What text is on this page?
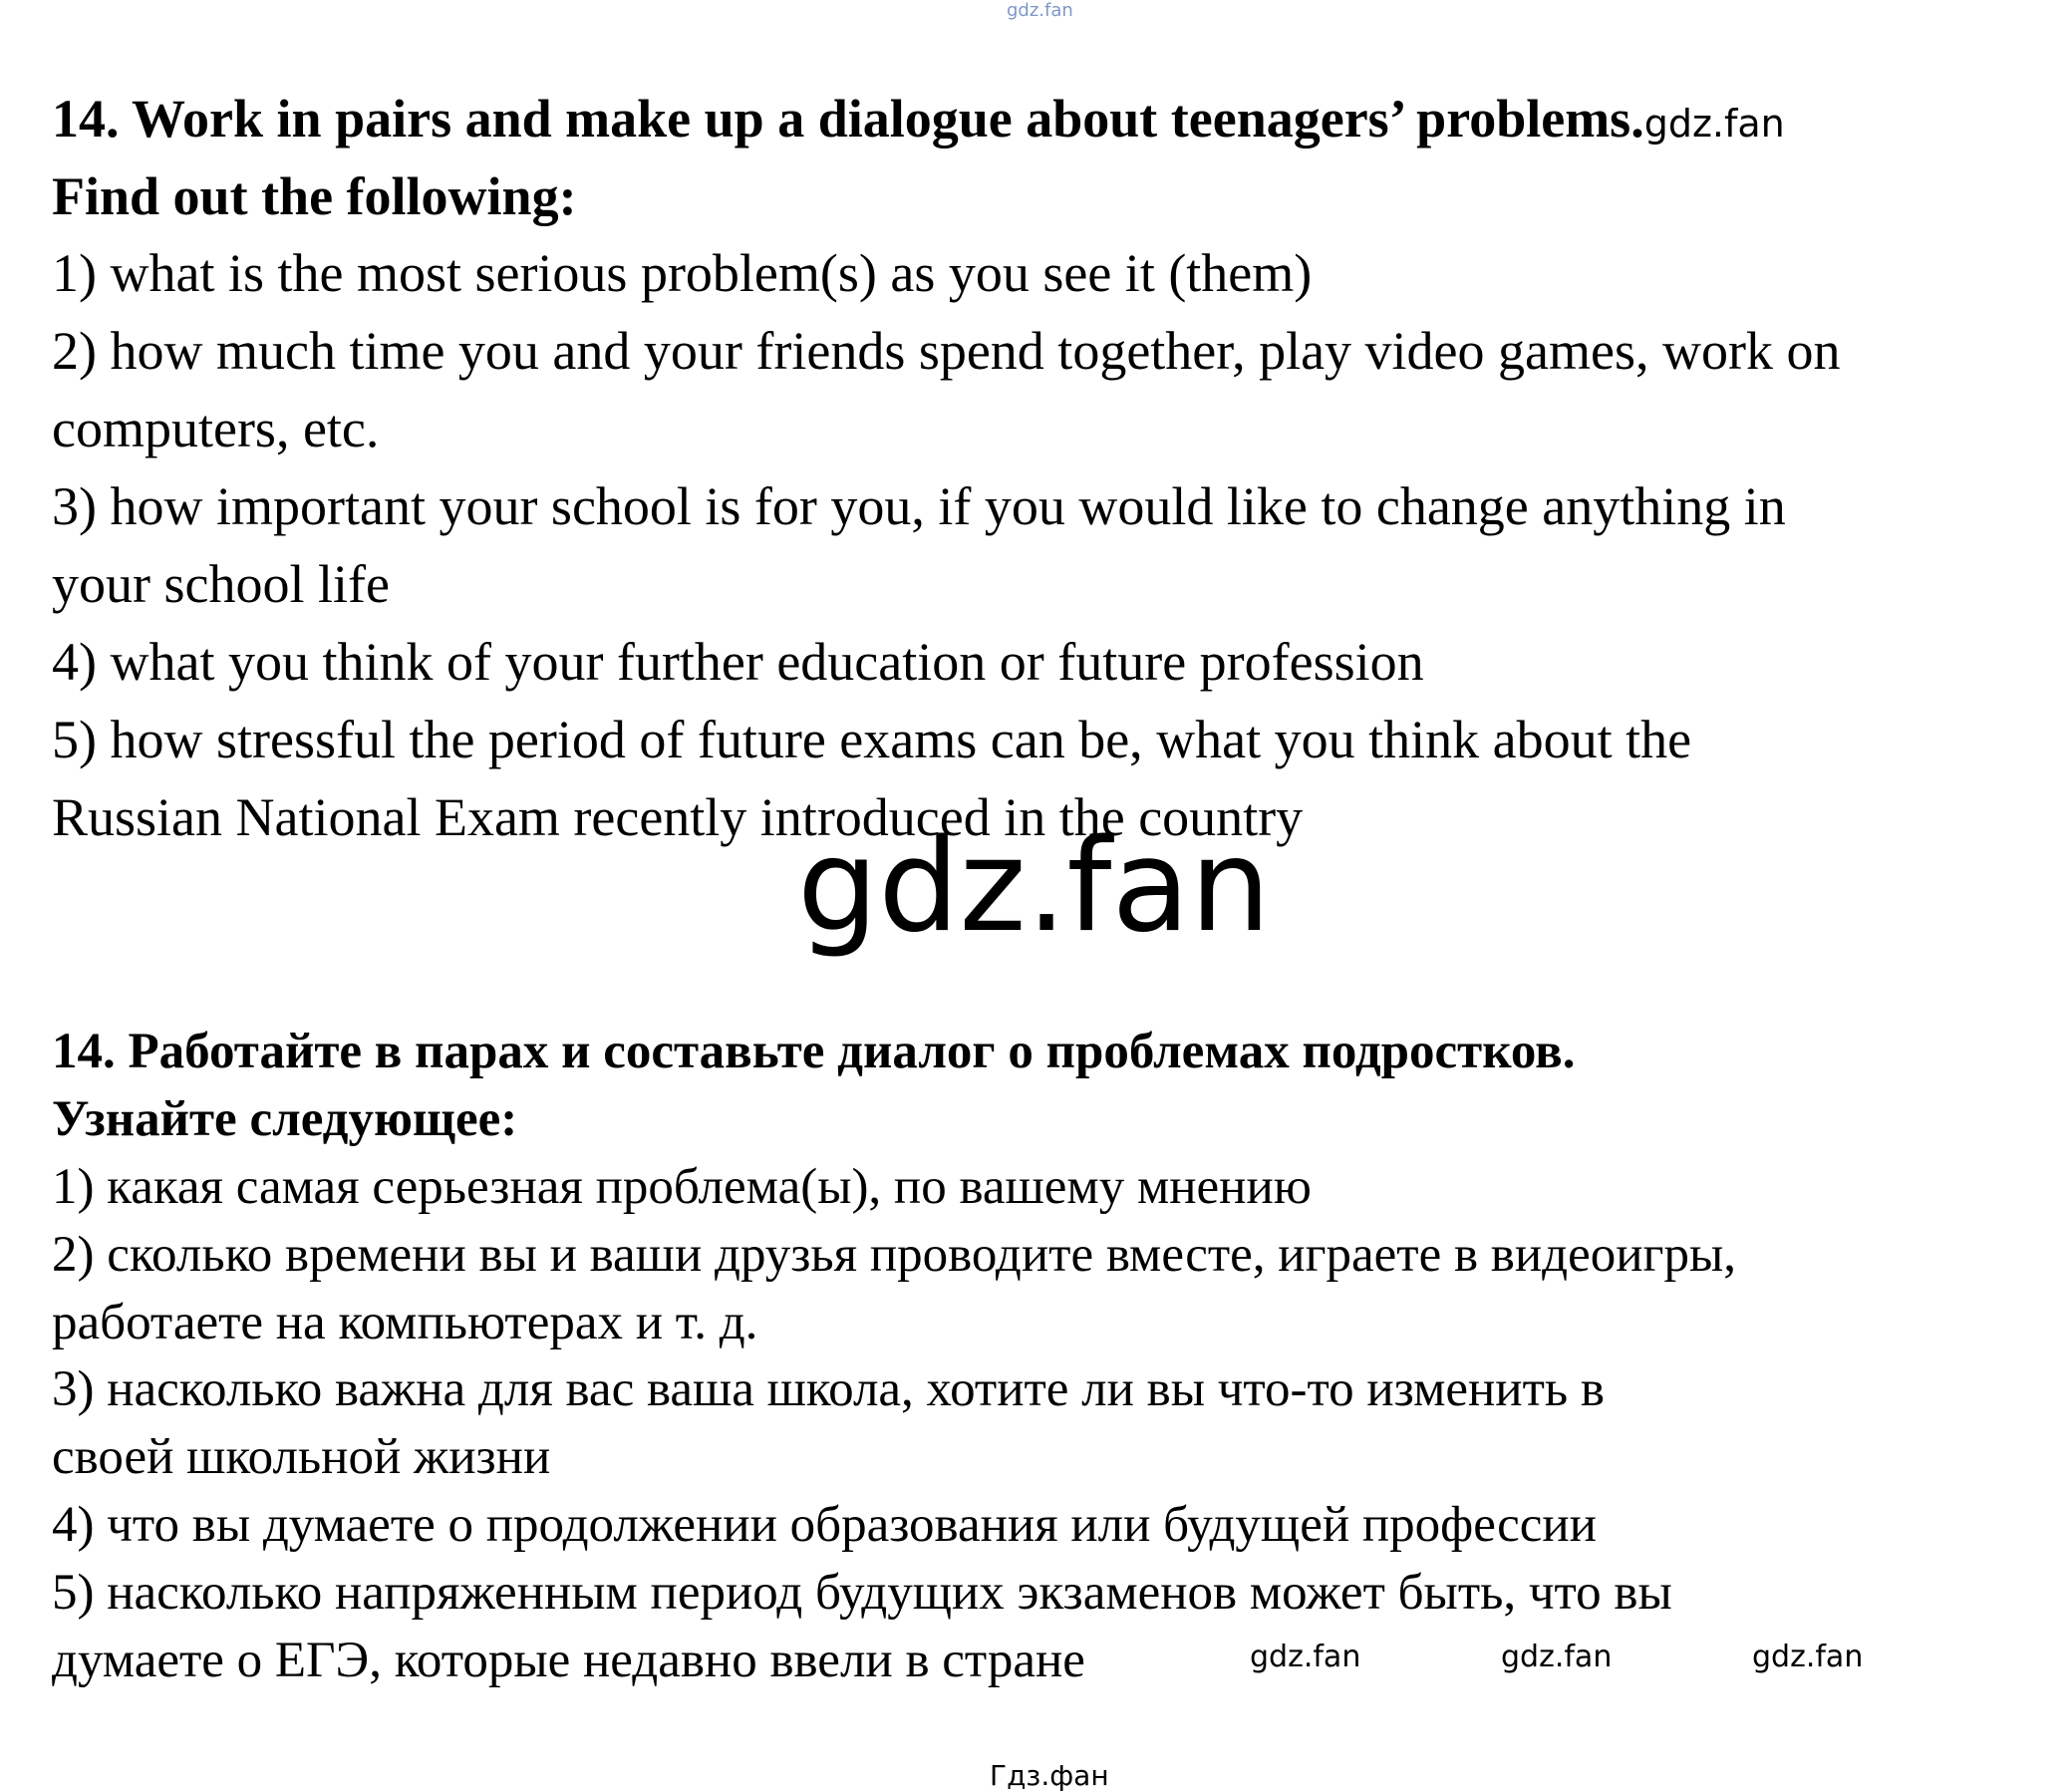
gdz.fan
14. Work in pairs and make up a dialogue about teenagers’ problems.gdz.fan
Find out the following:
1) what is the most serious problem(s) as you see it (them)
2) how much time you and your friends spend together, play video games, work on
computers, etc.
3) how important your school is for you, if you would like to change anything in
your school life
4) what you think of your further education or future profession
5) how stressful the period of future exams can be, what you think about the
Russian National Exam recently introduced in the country
gdz.fan
14. Работайте в парах и составьте диалог о проблемах подростков.
Узнайте следующее:
1) какая самая серьезная проблема(ы), по вашему мнению
2) сколько времени вы и ваши друзья проводите вместе, играете в видеоигры,
работаете на компьютерах и т. д.
3) насколько важна для вас ваша школа, хотите ли вы что-то изменить в
своей школьной жизни
4) что вы думаете о продолжении образования или будущей профессии
5) насколько напряженным период будущих экзаменов может быть, что вы
думаете о ЕГЭ, которые недавно ввели в стране	gdz.fan	gdz.fan	gdz.fan
Гдз.фан
